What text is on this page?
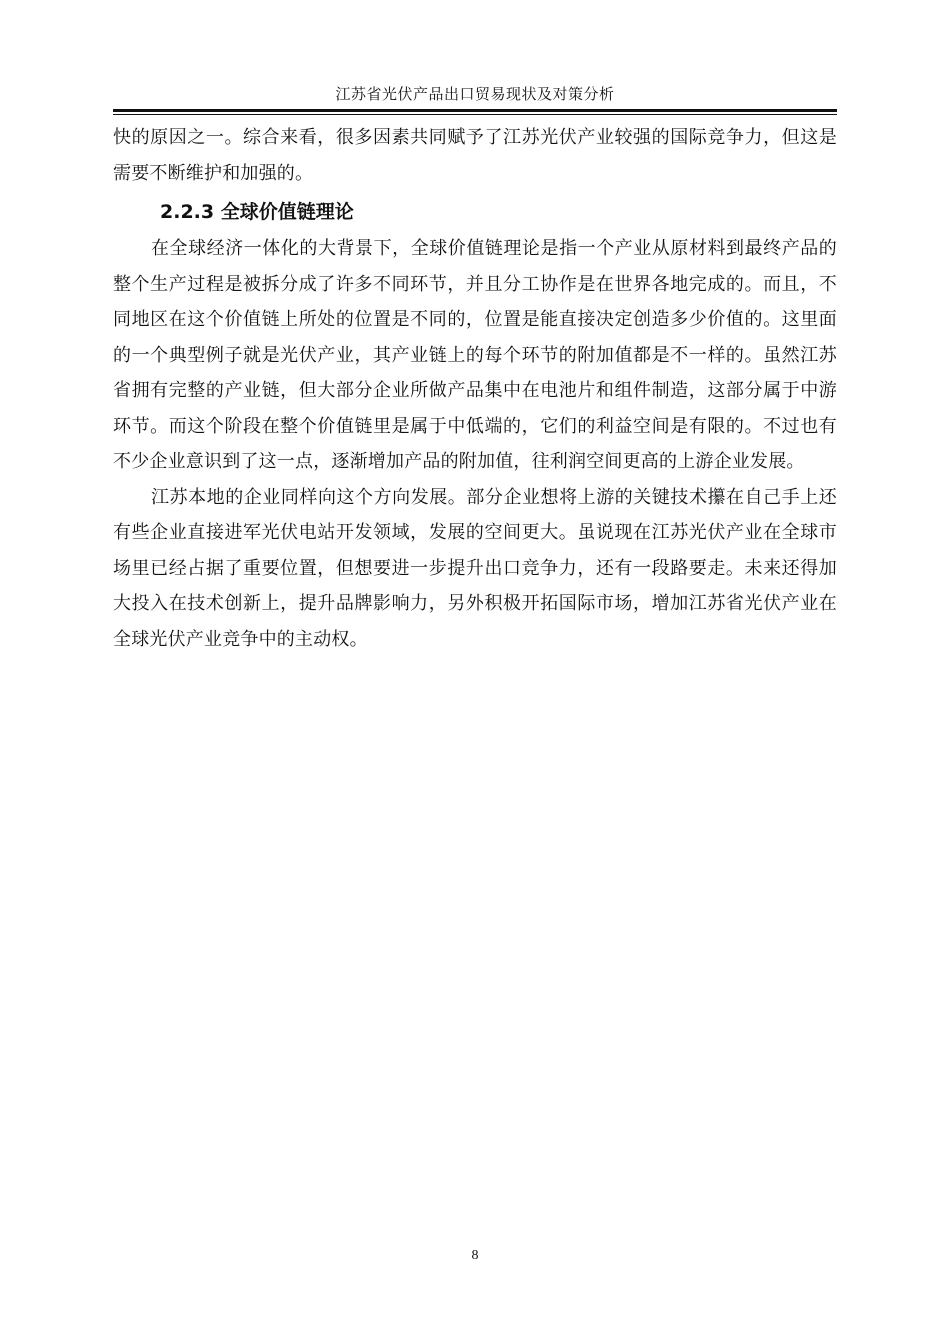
江苏省光伏产品出口贸易现状及对策分析

快的原因之一。综合来看，很多因素共同赋予了江苏光伏产业较强的国际竞争力，但这是需要不断维护和加强的。

2.2.3 全球价值链理论

在全球经济一体化的大背景下，全球价值链理论是指一个产业从原材料到最终产品的整个生产过程是被拆分成了许多不同环节，并且分工协作是在世界各地完成的。而且，不同地区在这个价值链上所处的位置是不同的，位置是能直接决定创造多少价值的。这里面的一个典型例子就是光伏产业，其产业链上的每个环节的附加值都是不一样的。虽然江苏省拥有完整的产业链，但大部分企业所做产品集中在电池片和组件制造，这部分属于中游环节。而这个阶段在整个价值链里是属于中低端的，它们的利益空间是有限的。不过也有不少企业意识到了这一点，逐渐增加产品的附加值，往利润空间更高的上游企业发展。

江苏本地的企业同样向这个方向发展。部分企业想将上游的关键技术攥在自己手上还有些企业直接进军光伏电站开发领域，发展的空间更大。虽说现在江苏光伏产业在全球市场里已经占据了重要位置，但想要进一步提升出口竞争力，还有一段路要走。未来还得加大投入在技术创新上，提升品牌影响力，另外积极开拓国际市场，增加江苏省光伏产业在全球光伏产业竞争中的主动权。

8
